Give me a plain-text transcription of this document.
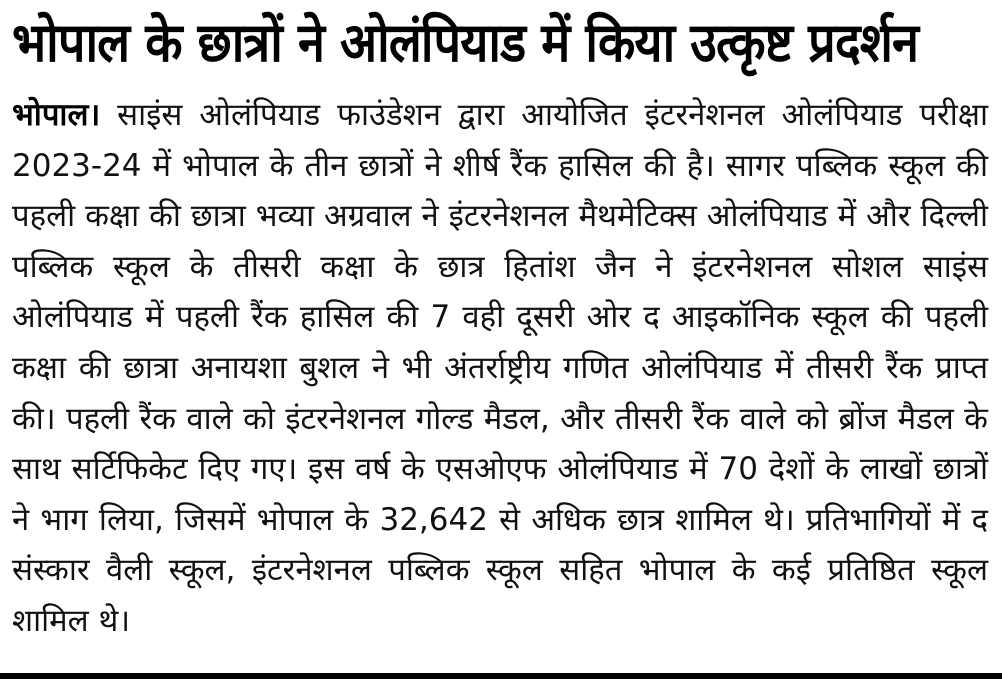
भोपाल के छात्रों ने ओलंपियाड में किया उत्कृष्ट प्रदर्शन

भोपाल। साइंस ओलंपियाड फाउंडेशन द्वारा आयोजित इंटरनेशनल ओलंपियाड परीक्षा 2023-24 में भोपाल के तीन छात्रों ने शीर्ष रैंक हासिल की है। सागर पब्लिक स्कूल की पहली कक्षा की छात्रा भव्या अग्रवाल ने इंटरनेशनल मैथमेटिक्स ओलंपियाड में और दिल्ली पब्लिक स्कूल के तीसरी कक्षा के छात्र हितांश जैन ने इंटरनेशनल सोशल साइंस ओलंपियाड में पहली रैंक हासिल की 7 वही दूसरी ओर द आइकॉनिक स्कूल की पहली कक्षा की छात्रा अनायशा बुशल ने भी अंतर्राष्ट्रीय गणित ओलंपियाड में तीसरी रैंक प्राप्त की। पहली रैंक वाले को इंटरनेशनल गोल्ड मैडल, और तीसरी रैंक वाले को ब्रोंज मैडल के साथ सर्टिफिकेट दिए गए। इस वर्ष के एसओएफ ओलंपियाड में 70 देशों के लाखों छात्रों ने भाग लिया, जिसमें भोपाल के 32,642 से अधिक छात्र शामिल थे। प्रतिभागियों में द संस्कार वैली स्कूल, इंटरनेशनल पब्लिक स्कूल सहित भोपाल के कई प्रतिष्ठित स्कूल शामिल थे।
